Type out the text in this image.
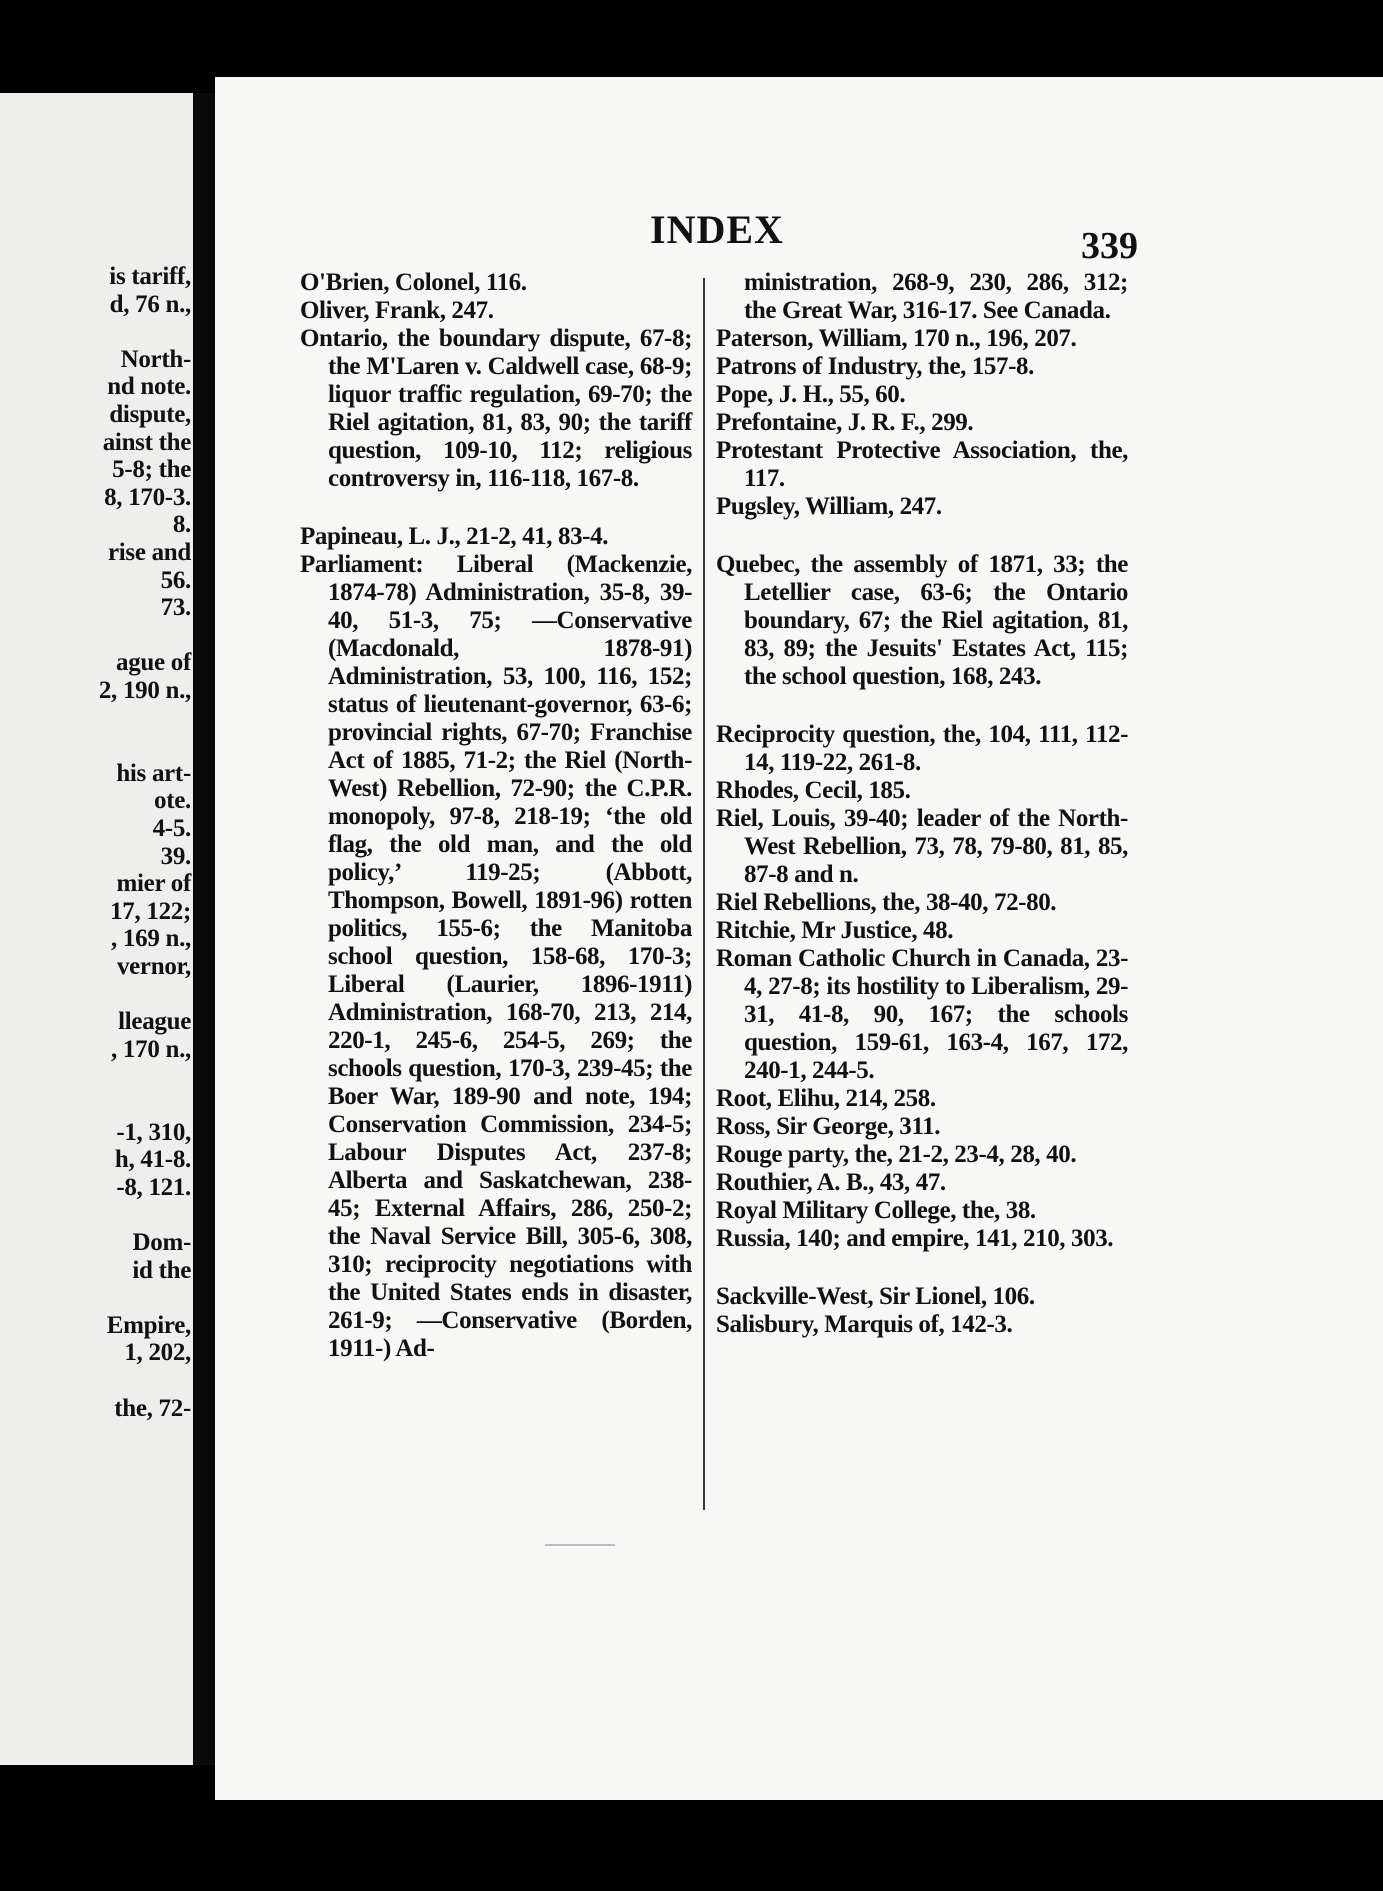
is tariff,
d, 76 n.,
North-
nd note.
dispute,
ainst the
5-8; the
8, 170-3.
8.
rise and
56.
73.
ague of
2, 190 n.,
his art-
ote.
4-5.
39.
mier of
17, 122;
, 169 n.,
vernor,
lleague
, 170 n.,
-1, 310,
h, 41-8.
-8, 121.
Dom-
id the
Empire,
1, 202,
the, 72-
INDEX	339

O'Brien, Colonel, 116.

Oliver, Frank, 247.

Ontario, the boundary dispute, 67-8; the M'Laren v. Caldwell case, 68-9; liquor traffic regulation, 69-70; the Riel agitation, 81, 83, 90; the tariff question, 109-10, 112; religious controversy in, 116-118, 167-8.

Papineau, L. J., 21-2, 41, 83-4.

Parliament: Liberal (Mackenzie, 1874-78) Administration, 35-8, 39-40, 51-3, 75; —Conservative (Macdonald, 1878-91) Administration, 53, 100, 116, 152; status of lieutenant-governor, 63-6; provincial rights, 67-70; Franchise Act of 1885, 71-2; the Riel (North-West) Rebellion, 72-90; the C.P.R. monopoly, 97-8, 218-19; ‘the old flag, the old man, and the old policy,’ 119-25; (Abbott, Thompson, Bowell, 1891-96) rotten politics, 155-6; the Manitoba school question, 158-68, 170-3; Liberal (Laurier, 1896-1911) Administration, 168-70, 213, 214, 220-1, 245-6, 254-5, 269; the schools question, 170-3, 239-45; the Boer War, 189-90 and note, 194; Conservation Commission, 234-5; Labour Disputes Act, 237-8; Alberta and Saskatchewan, 238-45; External Affairs, 286, 250-2; the Naval Service Bill, 305-6, 308, 310; reciprocity negotiations with the United States ends in disaster, 261-9; —Conservative (Borden, 1911-) Ad-

ministration, 268-9, 230, 286, 312; the Great War, 316-17. See Canada.

Paterson, William, 170 n., 196, 207.

Patrons of Industry, the, 157-8.

Pope, J. H., 55, 60.

Prefontaine, J. R. F., 299.

Protestant Protective Association, the, 117.

Pugsley, William, 247.

Quebec, the assembly of 1871, 33; the Letellier case, 63-6; the Ontario boundary, 67; the Riel agitation, 81, 83, 89; the Jesuits' Estates Act, 115; the school question, 168, 243.

Reciprocity question, the, 104, 111, 112-14, 119-22, 261-8.

Rhodes, Cecil, 185.

Riel, Louis, 39-40; leader of the North-West Rebellion, 73, 78, 79-80, 81, 85, 87-8 and n.

Riel Rebellions, the, 38-40, 72-80.

Ritchie, Mr Justice, 48.

Roman Catholic Church in Canada, 23-4, 27-8; its hostility to Liberalism, 29-31, 41-8, 90, 167; the schools question, 159-61, 163-4, 167, 172, 240-1, 244-5.

Root, Elihu, 214, 258.

Ross, Sir George, 311.

Rouge party, the, 21-2, 23-4, 28, 40.

Routhier, A. B., 43, 47.

Royal Military College, the, 38.

Russia, 140; and empire, 141, 210, 303.

Sackville-West, Sir Lionel, 106.

Salisbury, Marquis of, 142-3.
